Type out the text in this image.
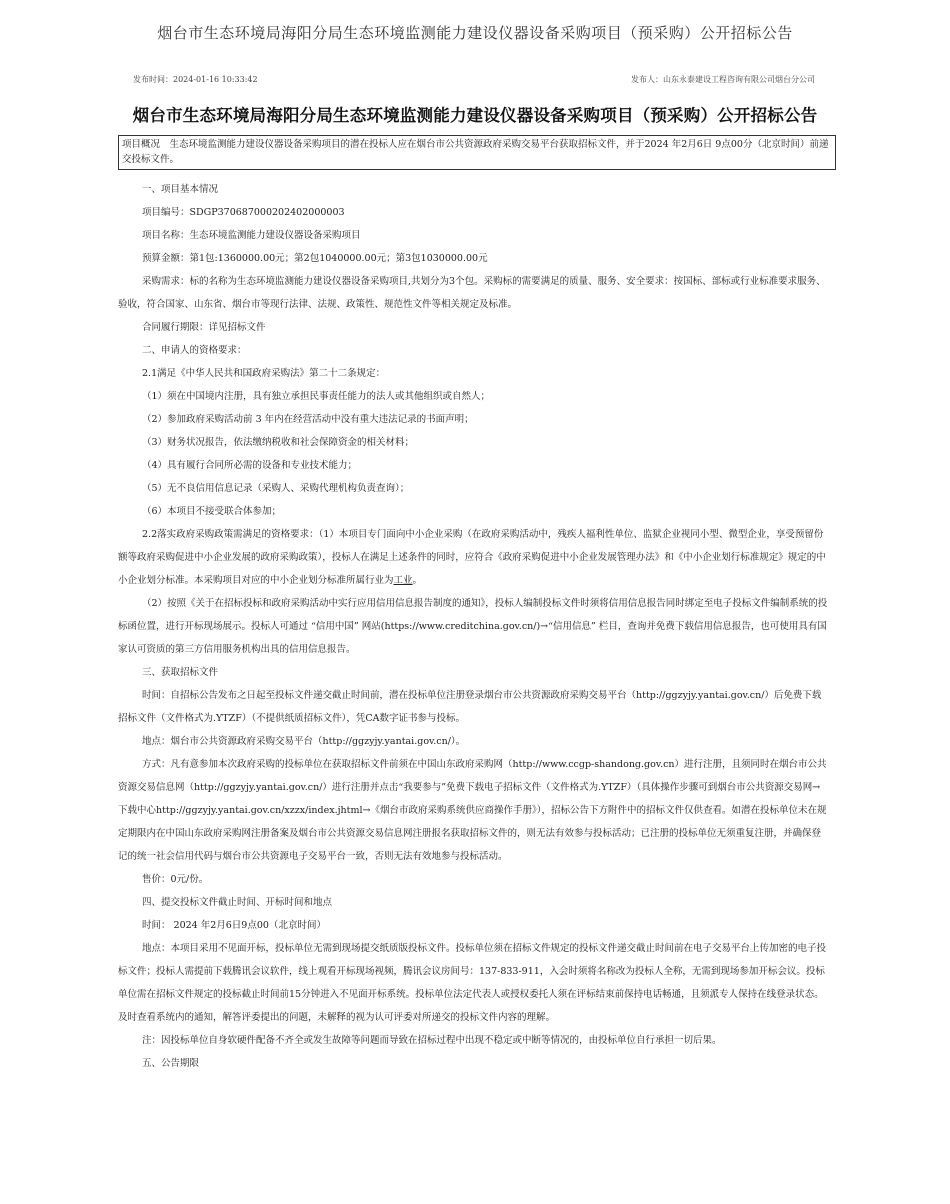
烟台市生态环境局海阳分局生态环境监测能力建设仪器设备采购项目（预采购）公开招标公告
发布时间：2024-01-16 10:33:42	发布人：山东永泰建设工程咨询有限公司烟台分公司
烟台市生态环境局海阳分局生态环境监测能力建设仪器设备采购项目（预采购）公开招标公告
项目概况　生态环境监测能力建设仪器设备采购项目的潜在投标人应在烟台市公共资源政府采购交易平台获取招标文件，并于2024 年2月6日 9点00分（北京时间）前递交投标文件。

一、项目基本情况

项目编号：SDGP370687000202402000003

项目名称：生态环境监测能力建设仪器设备采购项目

预算金额：第1包:1360000.00元；第2包1040000.00元；第3包1030000.00元

采购需求：标的名称为生态环境监测能力建设仪器设备采购项目,共划分为3个包。采购标的需要满足的质量、服务、安全要求：按国标、部标或行业标准要求服务、验收，符合国家、山东省、烟台市等现行法律、法规、政策性、规范性文件等相关规定及标准。

合同履行期限：详见招标文件

二、申请人的资格要求：

2.1满足《中华人民共和国政府采购法》第二十二条规定：

（1）须在中国境内注册，具有独立承担民事责任能力的法人或其他组织或自然人；

（2）参加政府采购活动前 3 年内在经营活动中没有重大违法记录的书面声明；

（3）财务状况报告，依法缴纳税收和社会保障资金的相关材料；

（4）具有履行合同所必需的设备和专业技术能力；

（5）无不良信用信息记录（采购人、采购代理机构负责查询）；

（6）本项目不接受联合体参加；

2.2落实政府采购政策需满足的资格要求：（1）本项目专门面向中小企业采购（在政府采购活动中，残疾人福利性单位、监狱企业视同小型、微型企业，享受预留份额等政府采购促进中小企业发展的政府采购政策），投标人在满足上述条件的同时，应符合《政府采购促进中小企业发展管理办法》和《中小企业划行标准规定》规定的中小企业划分标准。本采购项目对应的中小企业划分标准所属行业为工业。

（2）按照《关于在招标投标和政府采购活动中实行应用信用信息报告制度的通知》，投标人编制投标文件时须将信用信息报告同时绑定至电子投标文件编制系统的投标函位置，进行开标现场展示。投标人可通过 “信用中国” 网站(https://www.creditchina.gov.cn/)→“信用信息” 栏目，查询并免费下载信用信息报告，也可使用具有国家认可资质的第三方信用服务机构出具的信用信息报告。

三、获取招标文件

时间：自招标公告发布之日起至投标文件递交截止时间前，潜在投标单位注册登录烟台市公共资源政府采购交易平台（http://ggzyjy.yantai.gov.cn/）后免费下载招标文件（文件格式为.YTZF）（不提供纸质招标文件），凭CA数字证书参与投标。

地点：烟台市公共资源政府采购交易平台（http://ggzyjy.yantai.gov.cn/）。

方式：凡有意参加本次政府采购的投标单位在获取招标文件前须在中国山东政府采购网（http://www.ccgp-shandong.gov.cn）进行注册，且须同时在烟台市公共资源交易信息网（http://ggzyjy.yantai.gov.cn/）进行注册并点击“我要参与”免费下载电子招标文件（文件格式为.YTZF）（具体操作步骤可到烟台市公共资源交易网→下载中心http://ggzyjy.yantai.gov.cn/xzzx/index.jhtml→《烟台市政府采购系统供应商操作手册》），招标公告下方附件中的招标文件仅供查看。如潜在投标单位未在规定期限内在中国山东政府采购网注册备案及烟台市公共资源交易信息网注册报名获取招标文件的，则无法有效参与投标活动；已注册的投标单位无须重复注册，并确保登记的统一社会信用代码与烟台市公共资源电子交易平台一致，否则无法有效地参与投标活动。

售价：0元/份。

四、提交投标文件截止时间、开标时间和地点

时间： 2024 年2月6日9点00（北京时间）

地点：本项目采用不见面开标，投标单位无需到现场提交纸质版投标文件。投标单位须在招标文件规定的投标文件递交截止时间前在电子交易平台上传加密的电子投标文件；投标人需提前下载腾讯会议软件，线上观看开标现场视频，腾讯会议房间号：137-833-911，入会时须将名称改为投标人全称，无需到现场参加开标会议。投标单位需在招标文件规定的投标截止时间前15分钟进入不见面开标系统。投标单位法定代表人或授权委托人须在评标结束前保持电话畅通，且须派专人保持在线登录状态。及时查看系统内的通知，解答评委提出的问题，未解释的视为认可评委对所递交的投标文件内容的理解。

注：因投标单位自身软硬件配备不齐全或发生故障等问题而导致在招标过程中出现不稳定或中断等情况的，由投标单位自行承担一切后果。

五、公告期限
